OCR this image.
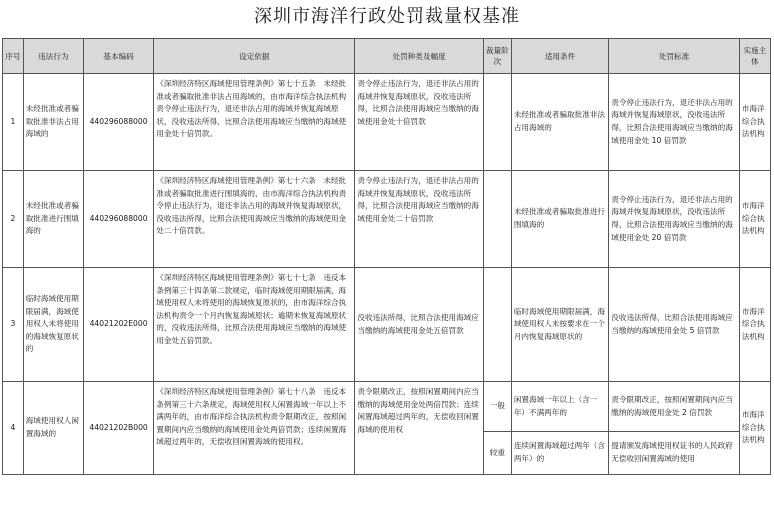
深圳市海洋行政处罚裁量权基准
序号	违法行为	基本编码	设定依据	处罚种类及幅度	裁量阶次	适用条件	处罚标准	实施主体
1	未经批准或者骗取批准非法占用海域的	440296088000	《深圳经济特区海域使用管理条例》第七十五条　未经批准或者骗取批准非法占用海域的，由市海洋综合执法机构责令停止违法行为，退还非法占用的海域并恢复海域原状，没收违法所得，比照合法使用海域应当缴纳的海域使用金处十倍罚款。	责令停止违法行为，退还非法占用的海域并恢复海域原状，没收违法所得，比照合法使用海域应当缴纳的海域使用金处十倍罚款		未经批准或者骗取批准非法占用海域的	责令停止违法行为，退还非法占用的海域并恢复海域原状，没收违法所得，比照合法使用海域应当缴纳的海域使用金处 10 倍罚款	市海洋综合执法机构
2	未经批准或者骗取批准进行围填海的	440296088000	《深圳经济特区海域使用管理条例》第七十六条　未经批准或者骗取批准进行围填海的，由市海洋综合执法机构责令停止违法行为，退还非法占用的海域并恢复海域原状，没收违法所得，比照合法使用海域应当缴纳的海域使用金处二十倍罚款。	责令停止违法行为，退还非法占用的海域并恢复海域原状，没收违法所得，比照合法使用海域应当缴纳的海域使用金处二十倍罚款		未经批准或者骗取批准进行围填海的	责令停止违法行为，退还非法占用的海域并恢复海域原状，没收违法所得，比照合法使用海域应当缴纳的海域使用金处 20 倍罚款	市海洋综合执法机构
3	临时海域使用期限届满，海域使用权人未将使用的海域恢复原状的	44021202E000	《深圳经济特区海域使用管理条例》第七十七条　违反本条例第三十四条第二款规定，临时海域使用期限届满，海域使用权人未将使用的海域恢复原状的，由市海洋综合执法机构责令一个月内恢复海域原状；逾期未恢复海域原状的，没收违法所得，比照合法使用海域应当缴纳的海域使用金处五倍罚款。	没收违法所得，比照合法使用海域应当缴纳的海域使用金处五倍罚款		临时海域使用期限届满，海域使用权人未按要求在一个月内恢复海域原状的	没收违法所得，比照合法使用海域应当缴纳的海域使用金处 5 倍罚款	市海洋综合执法机构
4	海域使用权人闲置海域的	44021202B000	《深圳经济特区海域使用管理条例》第七十八条　违反本条例第三十六条规定，海域使用权人闲置海域一年以上不满两年的，由市海洋综合执法机构责令限期改正，按照闲置期间内应当缴纳的海域使用金处两倍罚款；连续闲置海域超过两年的，无偿收回闲置海域的使用权。	责令限期改正，按照闲置期间内应当缴纳的海域使用金处两倍罚款；连续闲置海域超过两年的，无偿收回闲置海域的使用权	一般	闲置海域一年以上（含一年）不满两年的	责令限期改正，按照闲置期间内应当缴纳的海域使用金处 2 倍罚款	市海洋综合执法机构
					较重	连续闲置海域超过两年（含两年）的	提请颁发海域使用权证书的人民政府无偿收回闲置海域的使用	
